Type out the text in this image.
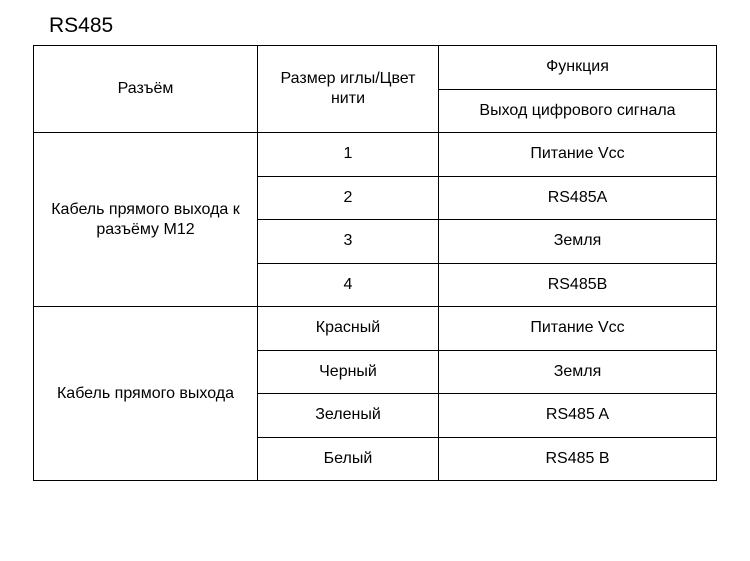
RS485
Разъём	Размер иглы/Цвет нити	Функция
		Выход цифрового сигнала
Кабель прямого выхода к разъёму M12	1	Питание Vcc
	2	RS485A
	3	Земля
	4	RS485B
Кабель прямого выхода	Красный	Питание Vcc
	Черный	Земля
	Зеленый	RS485 A
	Белый	RS485 B
